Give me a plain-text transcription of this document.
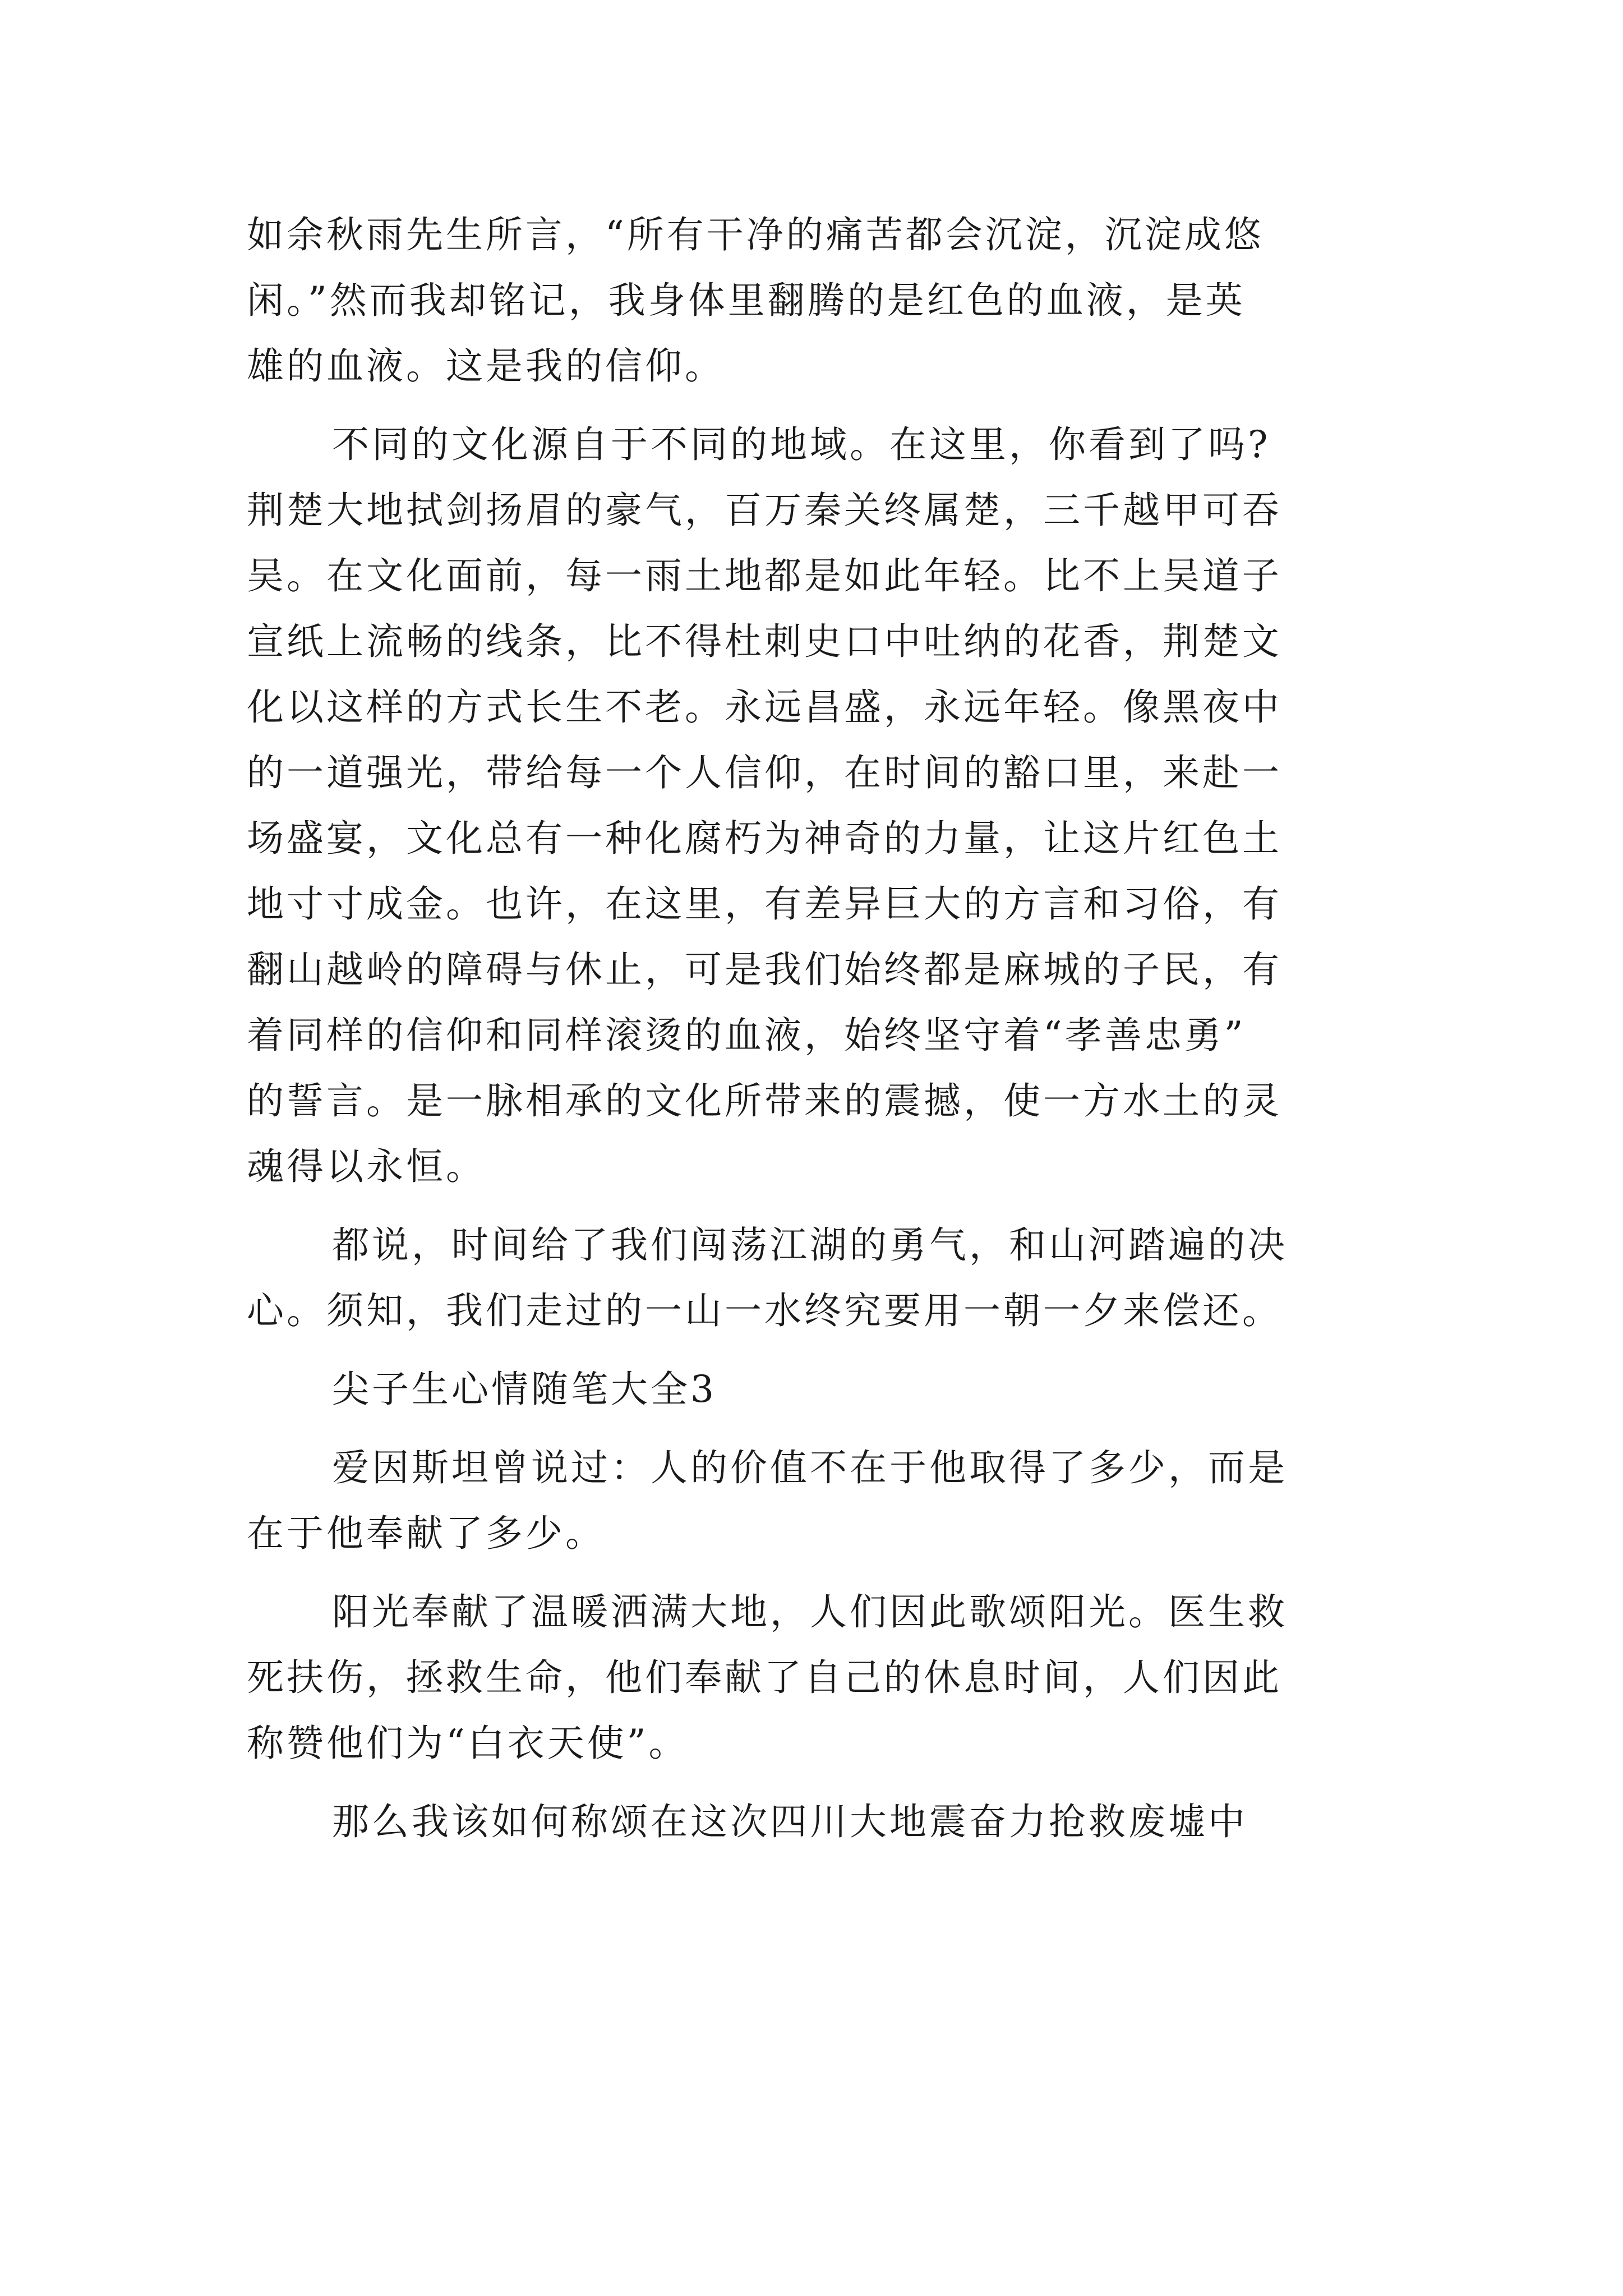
如余秋雨先生所言，“所有干净的痛苦都会沉淀，沉淀成悠
闲。”然而我却铭记，我身体里翻腾的是红色的血液，是英
雄的血液。这是我的信仰。

不同的文化源自于不同的地域。在这里，你看到了吗?
荆楚大地拭剑扬眉的豪气，百万秦关终属楚，三千越甲可吞
吴。在文化面前，每一雨土地都是如此年轻。比不上吴道子
宣纸上流畅的线条，比不得杜刺史口中吐纳的花香，荆楚文
化以这样的方式长生不老。永远昌盛，永远年轻。像黑夜中
的一道强光，带给每一个人信仰，在时间的豁口里，来赴一
场盛宴，文化总有一种化腐朽为神奇的力量，让这片红色土
地寸寸成金。也许，在这里，有差异巨大的方言和习俗，有
翻山越岭的障碍与休止，可是我们始终都是麻城的子民，有
着同样的信仰和同样滚烫的血液，始终坚守着“孝善忠勇”
的誓言。是一脉相承的文化所带来的震撼，使一方水土的灵
魂得以永恒。

都说，时间给了我们闯荡江湖的勇气，和山河踏遍的决
心。须知，我们走过的一山一水终究要用一朝一夕来偿还。

尖子生心情随笔大全3

爱因斯坦曾说过：人的价值不在于他取得了多少，而是
在于他奉献了多少。

阳光奉献了温暖洒满大地，人们因此歌颂阳光。医生救
死扶伤，拯救生命，他们奉献了自己的休息时间，人们因此
称赞他们为“白衣天使”。

那么我该如何称颂在这次四川大地震奋力抢救废墟中
